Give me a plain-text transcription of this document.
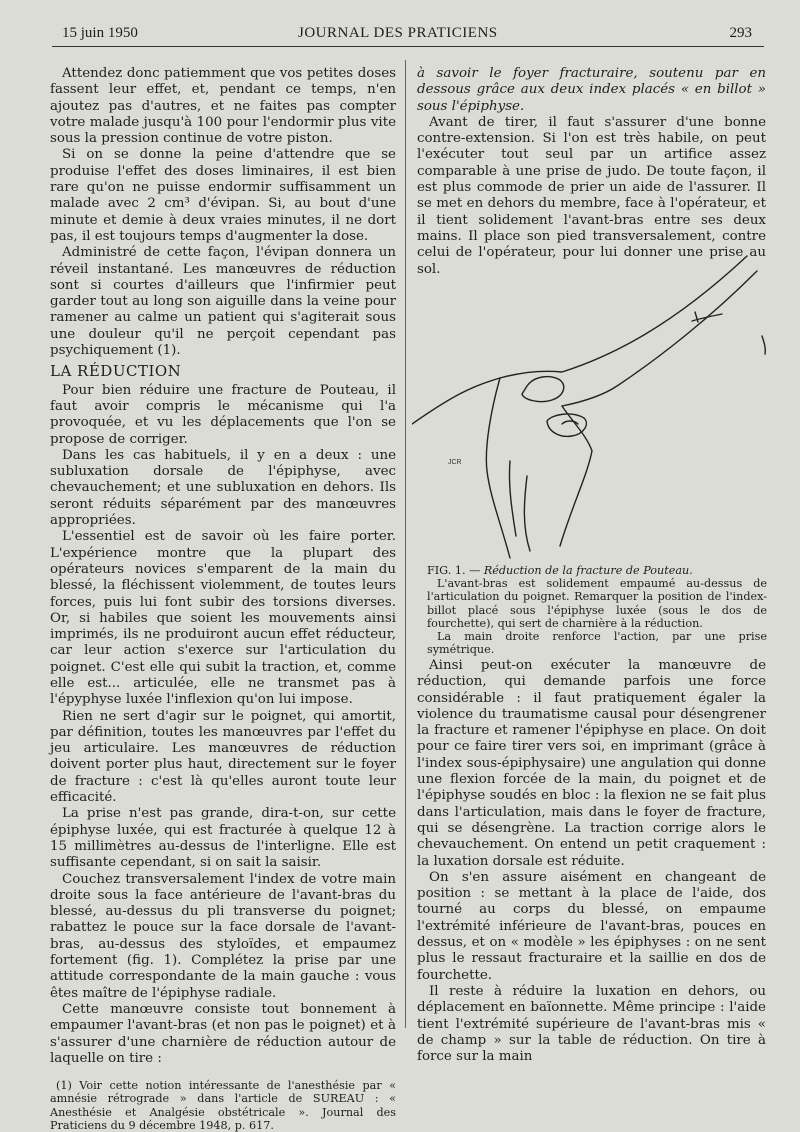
15 juin 1950	JOURNAL DES PRATICIENS	293

Attendez donc patiemment que vos petites doses fassent leur effet, et, pendant ce temps, n'en ajoutez pas d'autres, et ne faites pas compter votre malade jusqu'à 100 pour l'endormir plus vite sous la pression continue de votre piston.

Si on se donne la peine d'attendre que se produise l'effet des doses liminaires, il est bien rare qu'on ne puisse endormir suffisamment un malade avec 2 cm³ d'évipan. Si, au bout d'une minute et demie à deux vraies minutes, il ne dort pas, il est toujours temps d'augmenter la dose.

Administré de cette façon, l'évipan donnera un réveil instantané. Les manœuvres de réduction sont si courtes d'ailleurs que l'infirmier peut garder tout au long son aiguille dans la veine pour ramener au calme un patient qui s'agiterait sous une douleur qu'il ne perçoit cependant pas psychiquement (1).

LA RÉDUCTION

Pour bien réduire une fracture de Pouteau, il faut avoir compris le mécanisme qui l'a provoquée, et vu les déplacements que l'on se propose de corriger.

Dans les cas habituels, il y en a deux : une subluxation dorsale de l'épiphyse, avec chevauchement; et une subluxation en dehors. Ils seront réduits séparément par des manœuvres appropriées.

L'essentiel est de savoir où les faire porter. L'expérience montre que la plupart des opérateurs novices s'emparent de la main du blessé, la fléchissent violemment, de toutes leurs forces, puis lui font subir des torsions diverses. Or, si habiles que soient les mouvements ainsi imprimés, ils ne produiront aucun effet réducteur, car leur action s'exerce sur l'articulation du poignet. C'est elle qui subit la traction, et, comme elle est... articulée, elle ne transmet pas à l'épyphyse luxée l'inflexion qu'on lui impose.

Rien ne sert d'agir sur le poignet, qui amortit, par définition, toutes les manœuvres par l'effet du jeu articulaire. Les manœuvres de réduction doivent porter plus haut, directement sur le foyer de fracture : c'est là qu'elles auront toute leur efficacité.

La prise n'est pas grande, dira-t-on, sur cette épiphyse luxée, qui est fracturée à quelque 12 à 15 millimètres au-dessus de l'interligne. Elle est suffisante cependant, si on sait la saisir.

Couchez transversalement l'index de votre main droite sous la face antérieure de l'avant-bras du blessé, au-dessus du pli transverse du poignet; rabattez le pouce sur la face dorsale de l'avant-bras, au-dessus des styloïdes, et empaumez fortement (fig. 1). Complétez la prise par une attitude correspondante de la main gauche : vous êtes maître de l'épiphyse radiale.

Cette manœuvre consiste tout bonnement à empaumer l'avant-bras (et non pas le poignet) et à s'assurer d'une charnière de réduction autour de laquelle on tire :

(1) Voir cette notion intéressante de l'anesthésie par « amnésie rétrograde » dans l'article de SUREAU : « Anesthésie et Analgésie obstétricale ». Journal des Praticiens du 9 décembre 1948, p. 617.

à savoir le foyer fracturaire, soutenu par en dessous grâce aux deux index placés « en billot » sous l'épiphyse.

Avant de tirer, il faut s'assurer d'une bonne contre-extension. Si l'on est très habile, on peut l'exécuter tout seul par un artifice assez comparable à une prise de judo. De toute façon, il est plus commode de prier un aide de l'assurer. Il se met en dehors du membre, face à l'opérateur, et il tient solidement l'avant-bras entre ses deux mains. Il place son pied transversalement, contre celui de l'opérateur, pour lui donner une prise au sol.

JCR

FIG. 1. — Réduction de la fracture de Pouteau.

L'avant-bras est solidement empaumé au-dessus de l'articulation du poignet. Remarquer la position de l'index-billot placé sous l'épiphyse luxée (sous le dos de fourchette), qui sert de charnière à la réduction.

La main droite renforce l'action, par une prise symétrique.

Ainsi peut-on exécuter la manœuvre de réduction, qui demande parfois une force considérable : il faut pratiquement égaler la violence du traumatisme causal pour désengrener la fracture et ramener l'épiphyse en place. On doit pour ce faire tirer vers soi, en imprimant (grâce à l'index sous-épiphysaire) une angulation qui donne une flexion forcée de la main, du poignet et de l'épiphyse soudés en bloc : la flexion ne se fait plus dans l'articulation, mais dans le foyer de fracture, qui se désengrène. La traction corrige alors le chevauchement. On entend un petit craquement : la luxation dorsale est réduite.

On s'en assure aisément en changeant de position : se mettant à la place de l'aide, dos tourné au corps du blessé, on empaume l'extrémité inférieure de l'avant-bras, pouces en dessus, et on « modèle » les épiphyses : on ne sent plus le ressaut fracturaire et la saillie en dos de fourchette.

Il reste à réduire la luxation en dehors, ou déplacement en baïonnette. Même principe : l'aide tient l'extrémité supérieure de l'avant-bras mis « de champ » sur la table de réduction. On tire à force sur la main
